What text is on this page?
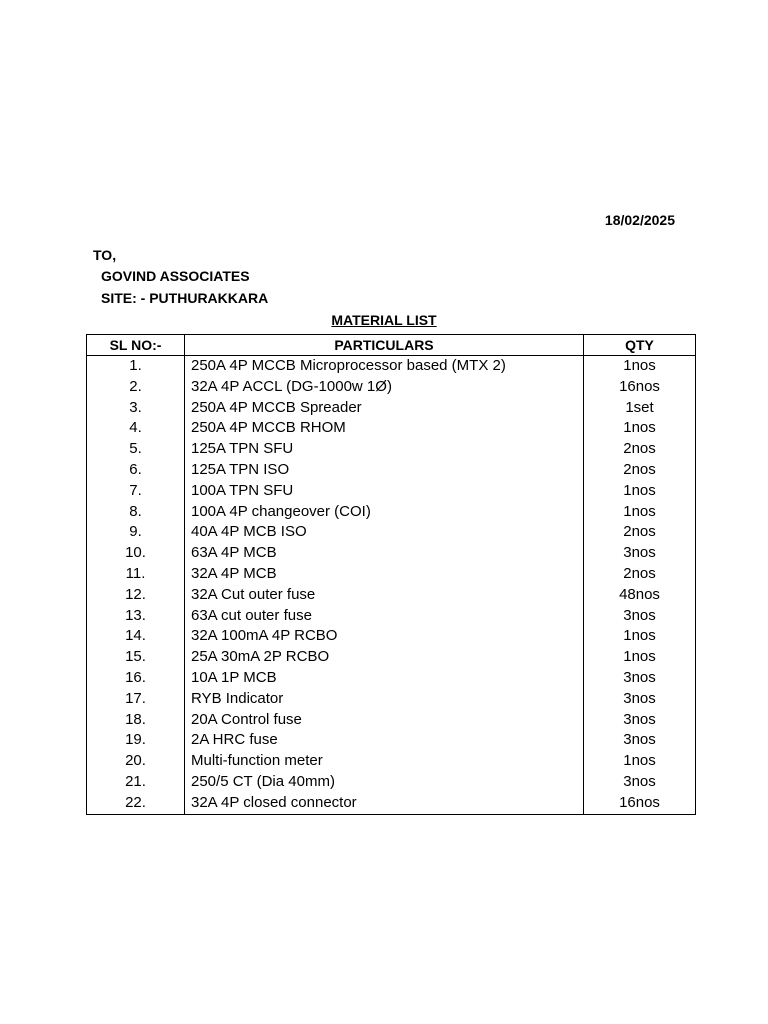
18/02/2025
TO,
GOVIND ASSOCIATES
SITE: - PUTHURAKKARA
MATERIAL LIST
SL NO:-	PARTICULARS	QTY
1.	250A 4P MCCB Microprocessor based (MTX 2)	1nos
2.	32A 4P ACCL (DG-1000w 1Ø)	16nos
3.	250A 4P MCCB Spreader	1set
4.	250A 4P MCCB RHOM	1nos
5.	125A TPN SFU	2nos
6.	125A TPN ISO	2nos
7.	100A TPN SFU	1nos
8.	100A 4P changeover (COI)	1nos
9.	40A 4P MCB ISO	2nos
10.	63A 4P MCB	3nos
11.	32A 4P MCB	2nos
12.	32A Cut outer fuse	48nos
13.	63A cut outer fuse	3nos
14.	32A 100mA 4P RCBO	1nos
15.	25A 30mA 2P RCBO	1nos
16.	10A 1P MCB	3nos
17.	RYB Indicator	3nos
18.	20A Control fuse	3nos
19.	2A HRC fuse	3nos
20.	Multi-function meter	1nos
21.	250/5 CT (Dia 40mm)	3nos
22.	32A 4P closed connector	16nos
